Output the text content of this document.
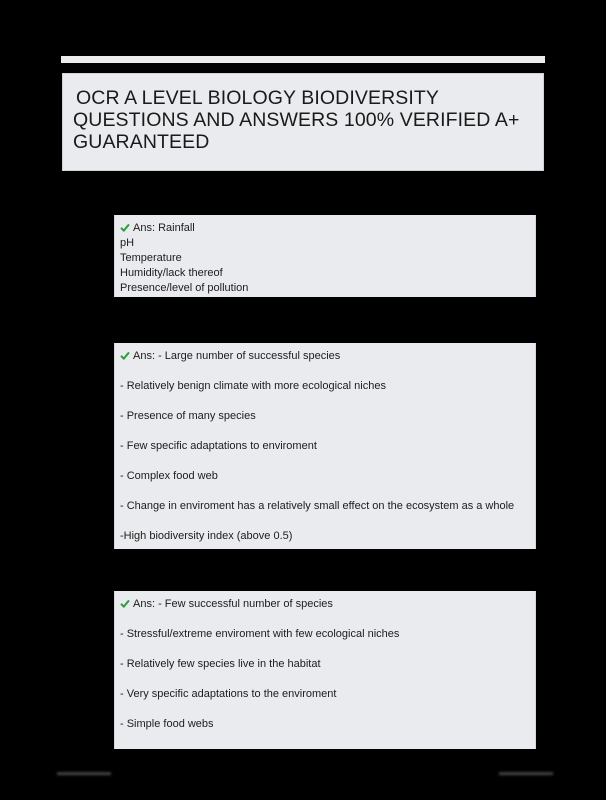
OCR A LEVEL BIOLOGY BIODIVERSITY
QUESTIONS AND ANSWERS 100% VERIFIED A+
GUARANTEED
Ans: Rainfall
pH
Temperature
Humidity/lack thereof
Presence/level of pollution
Ans: - Large number of successful species
- Relatively benign climate with more ecological niches
- Presence of many species
- Few specific adaptations to enviroment
- Complex food web
- Change in enviroment has a relatively small effect on the ecosystem as a whole
-High biodiversity index (above 0.5)
Ans: - Few successful number of species
- Stressful/extreme enviroment with few ecological niches
- Relatively few species live in the habitat
- Very specific adaptations to the enviroment
- Simple food webs
▬▬▬▬▬▬	▬▬▬▬▬▬
